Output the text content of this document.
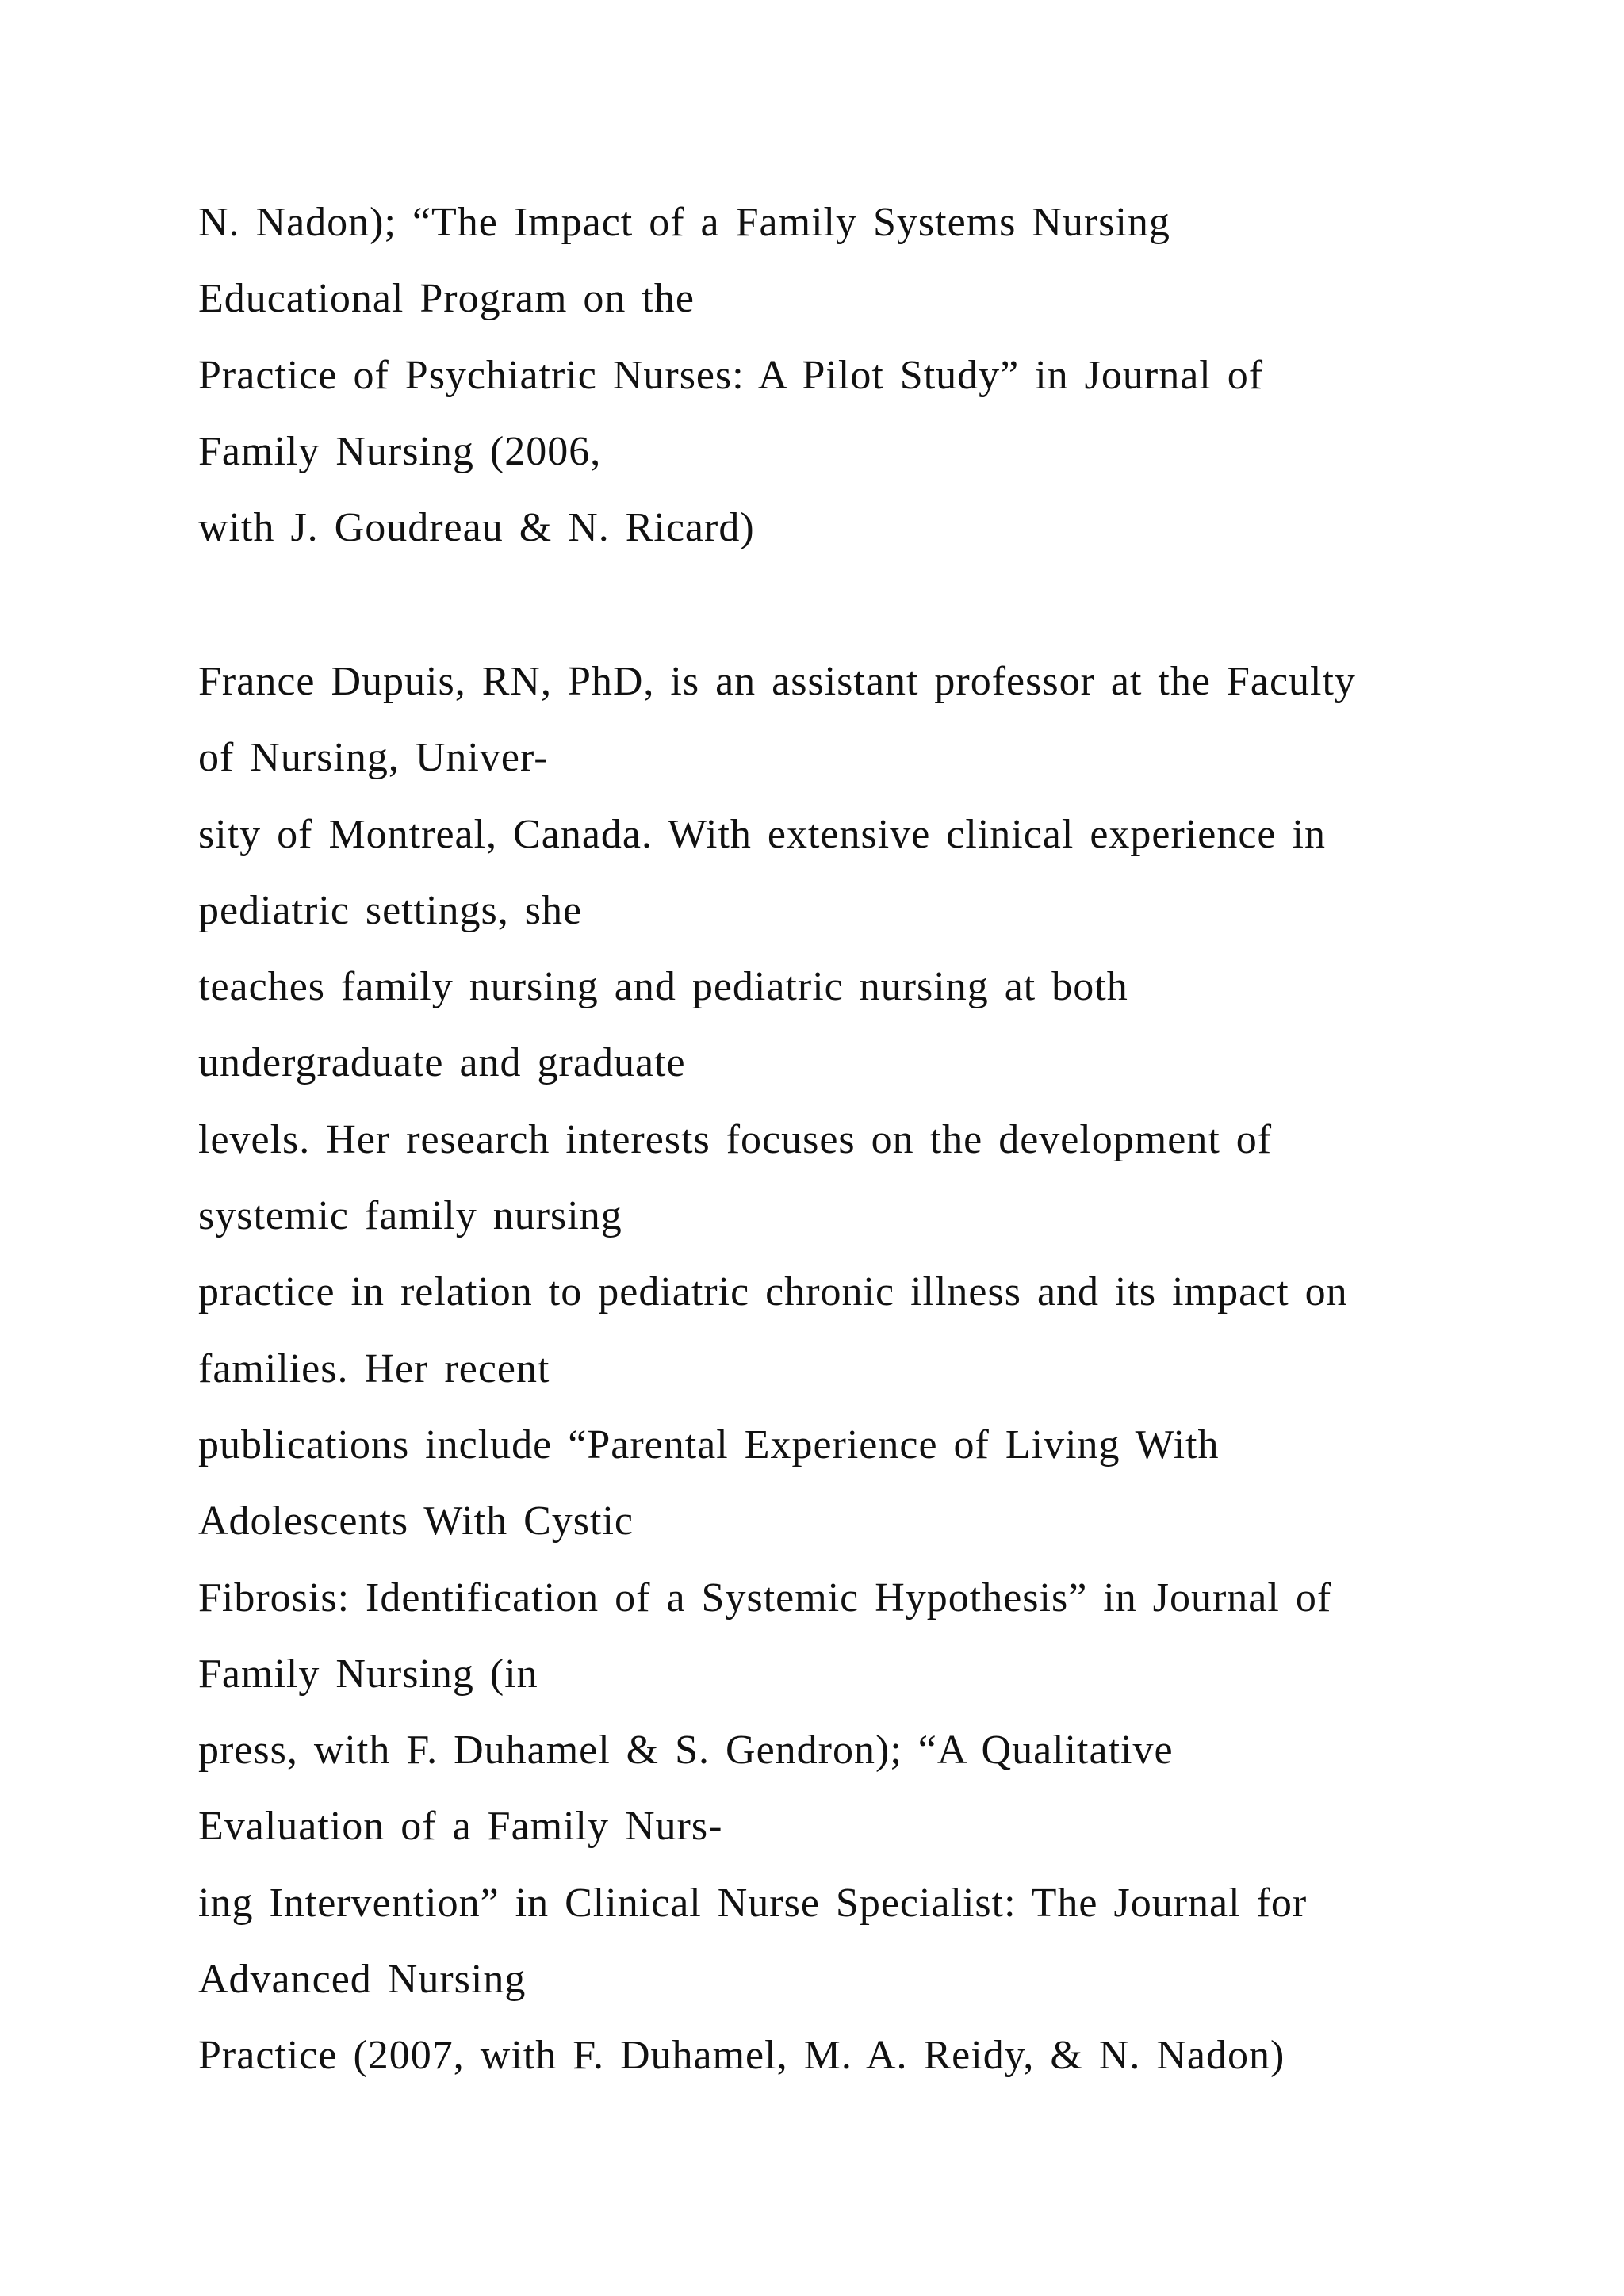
N. Nadon); “The Impact of a Family Systems Nursing
Educational Program on the
Practice of Psychiatric Nurses: A Pilot Study” in Journal of
Family Nursing (2006,
with J. Goudreau & N. Ricard)
France Dupuis, RN, PhD, is an assistant professor at the Faculty
of Nursing, Univer-
sity of Montreal, Canada. With extensive clinical experience in
pediatric settings, she
teaches family nursing and pediatric nursing at both
undergraduate and graduate
levels. Her research interests focuses on the development of
systemic family nursing
practice in relation to pediatric chronic illness and its impact on
families. Her recent
publications include “Parental Experience of Living With
Adolescents With Cystic
Fibrosis: Identification of a Systemic Hypothesis” in Journal of
Family Nursing (in
press, with F. Duhamel & S. Gendron); “A Qualitative
Evaluation of a Family Nurs-
ing Intervention” in Clinical Nurse Specialist: The Journal for
Advanced Nursing
Practice (2007, with F. Duhamel, M. A. Reidy, & N. Nadon)
